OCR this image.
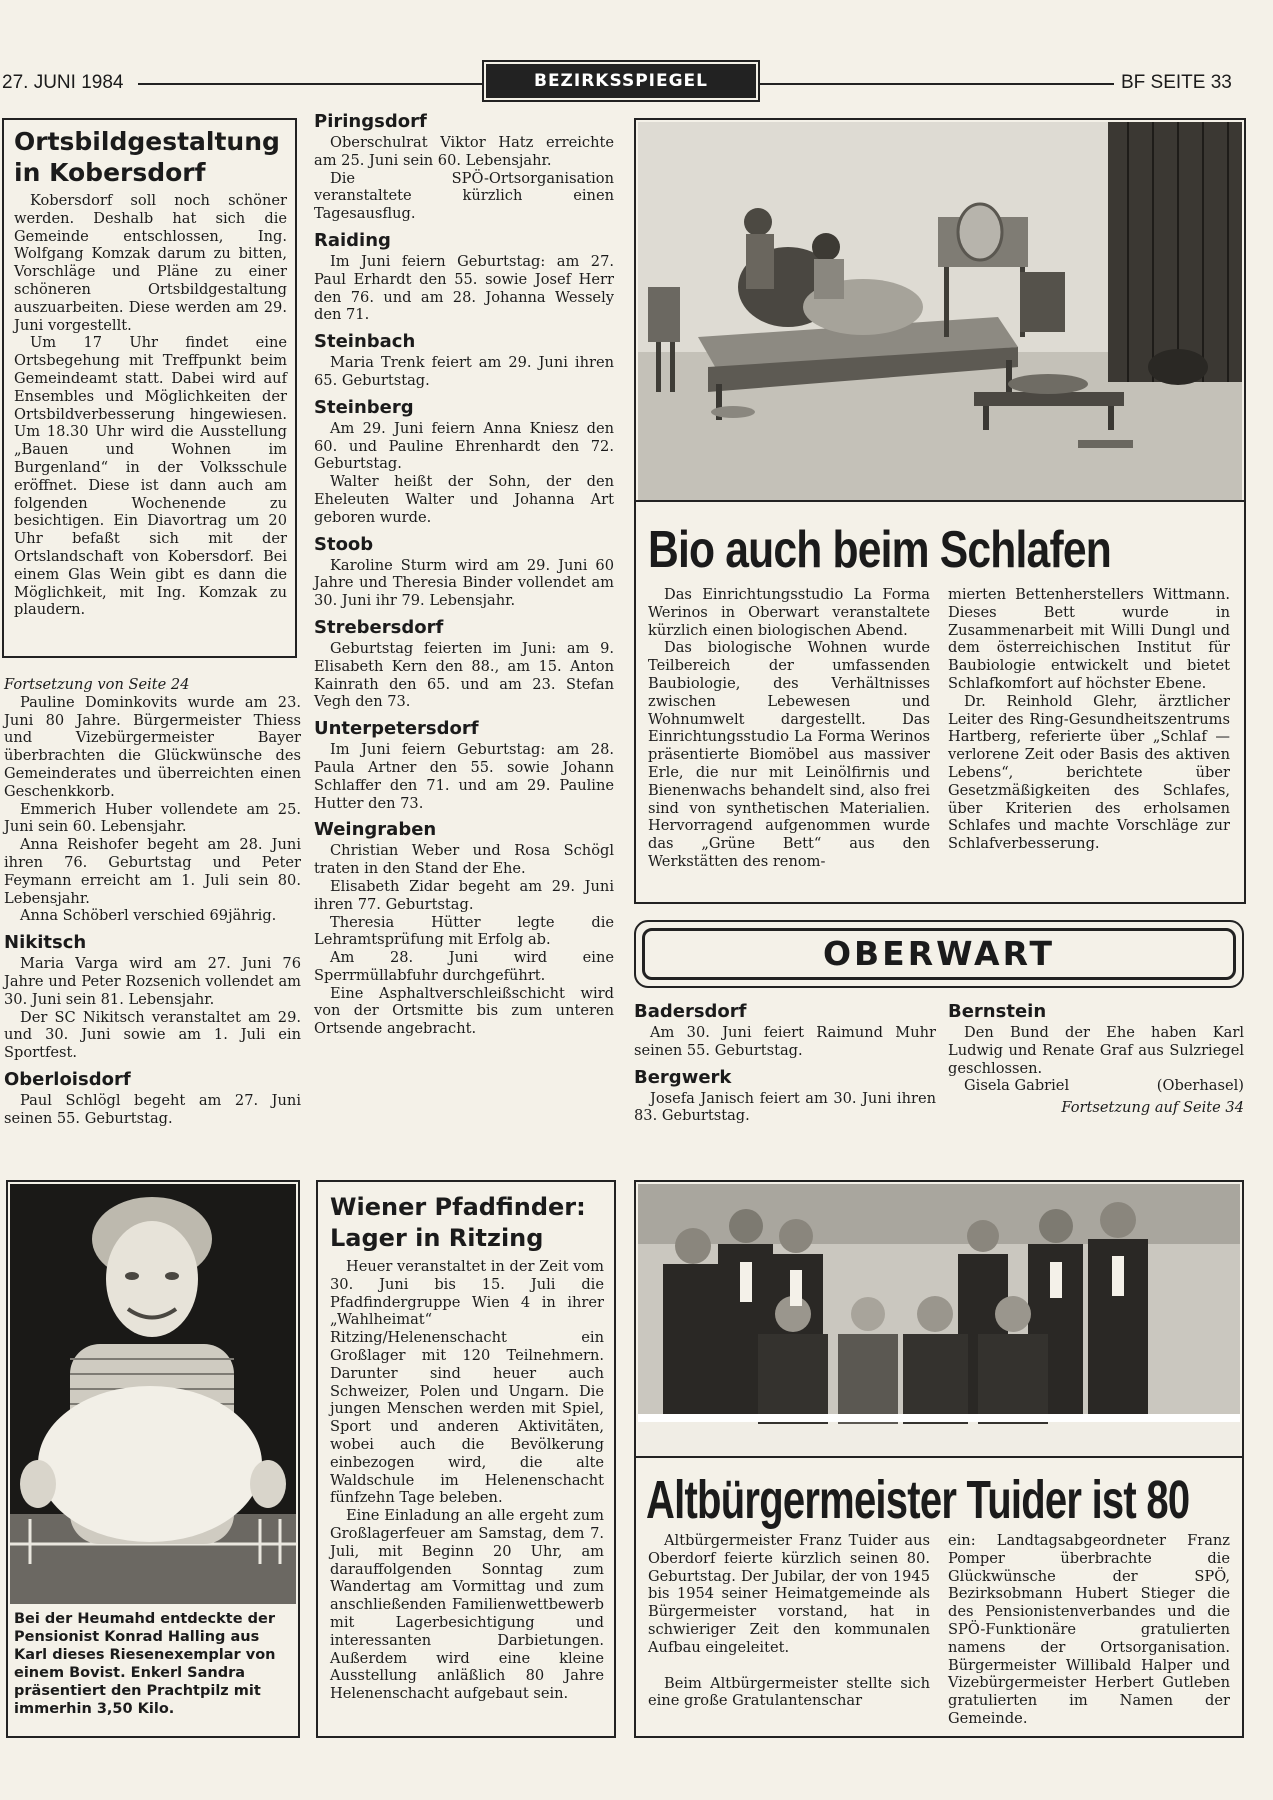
27. JUNI 1984	BEZIRKSSPIEGEL	BF SEITE 33
Ortsbildgestaltung
in Kobersdorf

Kobersdorf soll noch schöner werden. Deshalb hat sich die Gemeinde entschlossen, Ing. Wolfgang Komzak darum zu bitten, Vorschläge und Pläne zu einer schöneren Ortsbildgestaltung auszuarbeiten. Diese werden am 29. Juni vorgestellt.

Um 17 Uhr findet eine Ortsbegehung mit Treffpunkt beim Gemeindeamt statt. Dabei wird auf Ensembles und Möglichkeiten der Ortsbildverbesserung hingewiesen. Um 18.30 Uhr wird die Ausstellung „Bauen und Wohnen im Burgenland“ in der Volksschule eröffnet. Diese ist dann auch am folgenden Wochenende zu besichtigen. Ein Diavortrag um 20 Uhr befaßt sich mit der Ortslandschaft von Kobersdorf. Bei einem Glas Wein gibt es dann die Möglichkeit, mit Ing. Komzak zu plaudern.

Fortsetzung von Seite 24

Pauline Dominkovits wurde am 23. Juni 80 Jahre. Bürgermeister Thiess und Vizebürgermeister Bayer überbrachten die Glückwünsche des Gemeinderates und überreichten einen Geschenkkorb.

Emmerich Huber vollendete am 25. Juni sein 60. Lebensjahr.

Anna Reishofer begeht am 28. Juni ihren 76. Geburtstag und Peter Feymann erreicht am 1. Juli sein 80. Lebensjahr.

Anna Schöberl verschied 69jährig.

Nikitsch

Maria Varga wird am 27. Juni 76 Jahre und Peter Rozsenich vollendet am 30. Juni sein 81. Lebensjahr.

Der SC Nikitsch veranstaltet am 29. und 30. Juni sowie am 1. Juli ein Sportfest.

Oberloisdorf

Paul Schlögl begeht am 27. Juni seinen 55. Geburtstag.

Piringsdorf

Oberschulrat Viktor Hatz erreichte am 25. Juni sein 60. Lebensjahr.

Die SPÖ-Ortsorganisation veranstaltete kürzlich einen Tagesausflug.

Raiding

Im Juni feiern Geburtstag: am 27. Paul Erhardt den 55. sowie Josef Herr den 76. und am 28. Johanna Wessely den 71.

Steinbach

Maria Trenk feiert am 29. Juni ihren 65. Geburtstag.

Steinberg

Am 29. Juni feiern Anna Kniesz den 60. und Pauline Ehrenhardt den 72. Geburtstag.

Walter heißt der Sohn, der den Eheleuten Walter und Johanna Art geboren wurde.

Stoob

Karoline Sturm wird am 29. Juni 60 Jahre und Theresia Binder vollendet am 30. Juni ihr 79. Lebensjahr.

Strebersdorf

Geburtstag feierten im Juni: am 9. Elisabeth Kern den 88., am 15. Anton Kainrath den 65. und am 23. Stefan Vegh den 73.

Unterpetersdorf

Im Juni feiern Geburtstag: am 28. Paula Artner den 55. sowie Johann Schlaffer den 71. und am 29. Pauline Hutter den 73.

Weingraben

Christian Weber und Rosa Schögl traten in den Stand der Ehe.

Elisabeth Zidar begeht am 29. Juni ihren 77. Geburtstag.

Theresia Hütter legte die Lehramtsprüfung mit Erfolg ab.

Am 28. Juni wird eine Sperrmüllabfuhr durchgeführt.

Eine Asphaltverschleißschicht wird von der Ortsmitte bis zum unteren Ortsende angebracht.

Bio auch beim Schlafen

Das Einrichtungsstudio La Forma Werinos in Oberwart veranstaltete kürzlich einen biologischen Abend.

Das biologische Wohnen wurde Teilbereich der umfassenden Baubiologie, des Verhältnisses zwischen Lebewesen und Wohnumwelt dargestellt. Das Einrichtungsstudio La Forma Werinos präsentierte Biomöbel aus massiver Erle, die nur mit Leinölfirnis und Bienenwachs behandelt sind, also frei sind von synthetischen Materialien. Hervorragend aufgenommen wurde das „Grüne Bett“ aus den Werkstätten des renom-

mierten Bettenherstellers Wittmann. Dieses Bett wurde in Zusammenarbeit mit Willi Dungl und dem österreichischen Institut für Baubiologie entwickelt und bietet Schlafkomfort auf höchster Ebene.

Dr. Reinhold Glehr, ärztlicher Leiter des Ring-Gesundheitszentrums Hartberg, referierte über „Schlaf — verlorene Zeit oder Basis des aktiven Lebens“, berichtete über Gesetzmäßigkeiten des Schlafes, über Kriterien des erholsamen Schlafes und machte Vorschläge zur Schlafverbesserung.

OBERWART
Badersdorf

Am 30. Juni feiert Raimund Muhr seinen 55. Geburtstag.

Bergwerk

Josefa Janisch feiert am 30. Juni ihren 83. Geburtstag.

Bernstein

Den Bund der Ehe haben Karl Ludwig und Renate Graf aus Sulzriegel geschlossen.

Gisela Gabriel	(Oberhasel)
Fortsetzung auf Seite 34
Bei der Heumahd entdeckte der Pensionist Konrad Halling aus Karl dieses Riesenexemplar von einem Bovist. Enkerl Sandra präsentiert den Prachtpilz mit immerhin 3,50 Kilo.
Wiener Pfadfinder:
Lager in Ritzing

Heuer veranstaltet in der Zeit vom 30. Juni bis 15. Juli die Pfadfindergruppe Wien 4 in ihrer „Wahlheimat“ Ritzing/Helenenschacht ein Großlager mit 120 Teilnehmern. Darunter sind heuer auch Schweizer, Polen und Ungarn. Die jungen Menschen werden mit Spiel, Sport und anderen Aktivitäten, wobei auch die Bevölkerung einbezogen wird, die alte Waldschule im Helenenschacht fünfzehn Tage beleben.

Eine Einladung an alle ergeht zum Großlagerfeuer am Samstag, dem 7. Juli, mit Beginn 20 Uhr, am darauffolgenden Sonntag zum Wandertag am Vormittag und zum anschließenden Familienwettbewerb mit Lagerbesichtigung und interessanten Darbietungen. Außerdem wird eine kleine Ausstellung anläßlich 80 Jahre Helenenschacht aufgebaut sein.

Altbürgermeister Tuider ist 80

Altbürgermeister Franz Tuider aus Oberdorf feierte kürzlich seinen 80. Geburtstag. Der Jubilar, der von 1945 bis 1954 seiner Heimatgemeinde als Bürgermeister vorstand, hat in schwieriger Zeit den kommunalen Aufbau eingeleitet.

Beim Altbürgermeister stellte sich eine große Gratulantenschar

ein: Landtagsabgeordneter Franz Pomper überbrachte die Glückwünsche der SPÖ, Bezirksobmann Hubert Stieger die des Pensionistenverbandes und die SPÖ-Funktionäre gratulierten namens der Ortsorganisation. Bürgermeister Willibald Halper und Vizebürgermeister Herbert Gutleben gratulierten im Namen der Gemeinde.
